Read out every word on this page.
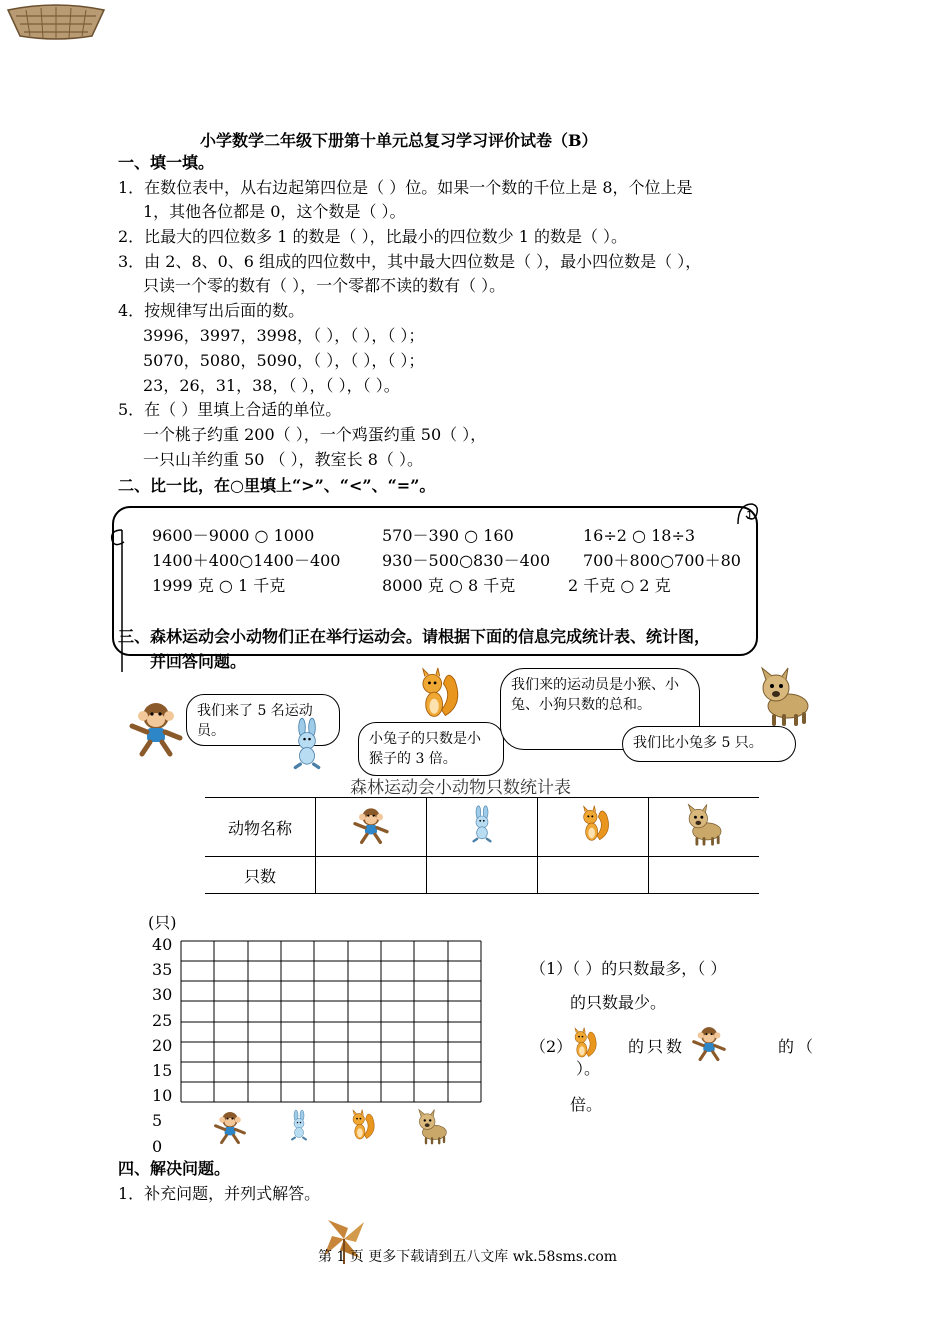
小学数学二年级下册第十单元总复习学习评价试卷（B）
一、填一填。
1．在数位表中，从右边起第四位是（ ）位。如果一个数的千位上是 8，个位上是
1，其他各位都是 0，这个数是（ ）。
2．比最大的四位数多 1 的数是（ ），比最小的四位数少 1 的数是（ ）。
3．由 2、8、0、6 组成的四位数中，其中最大四位数是（ ），最小四位数是（ ），
只读一个零的数有（ ），一个零都不读的数有（ ）。
4．按规律写出后面的数。
3996，3997，3998，（ ），（ ），（ ）；
5070，5080，5090，（ ），（ ），（ ）；
23，26，31，38，（ ），（ ），（ ）。
5．在（ ）里填上合适的单位。
一个桃子约重 200（ ），一个鸡蛋约重 50（ ），
一只山羊约重 50 （ ），教室长 8（ ）。
二、比一比，在○里填上“>”、“<”、“=”。
1
9600－9000 ○ 1000	570－390 ○ 160	16÷2 ○ 18÷3
1400＋400○1400－400	930－500○830－400 700＋800○700＋80
1999 克 ○ 1 千克	8000 克 ○ 8 千克	2 千克 ○ 2 克
三、森林运动会小动物们正在举行运动会。请根据下面的信息完成统计表、统计图，
并回答问题。
我们来了 5 名运动员。	小兔子的只数是小猴子的 3 倍。
我们来的运动员是小猴、小兔、小狗只数的总和。
我们比小兔多 5 只。
森林运动会小动物只数统计表
动物名称				
只数				
(只)
40
35
30
25
20
15
10
5
0
（1）（ ）的只数最多，（ ）
的只数最少。
（2）	的只数	的（
）。
倍。
四、解决问题。
1．补充问题，并列式解答。
第 1 页 更多下载请到五八文库 wk.58sms.com
